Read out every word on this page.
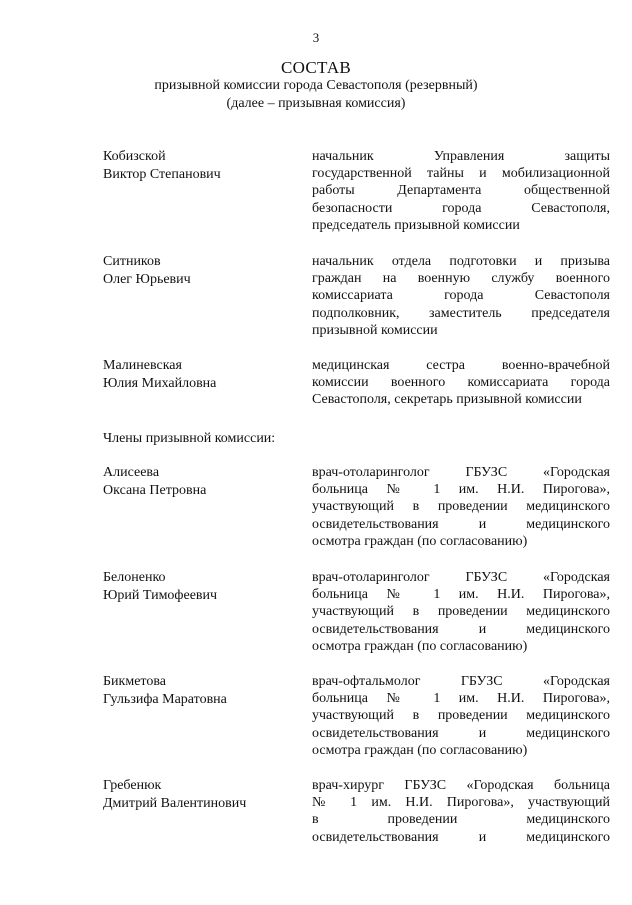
3
СОСТАВ
призывной комиссии города Севастополя (резервный)
(далее – призывная комиссия)
Кобизской
Виктор Степанович
начальник Управления защиты
государственной тайны и мобилизационной
работы Департамента общественной
безопасности города Севастополя,
председатель призывной комиссии
Ситников
Олег Юрьевич
начальник отдела подготовки и призыва
граждан на военную службу военного
комиссариата города Севастополя
подполковник, заместитель председателя
призывной комиссии
Малиневская
Юлия Михайловна
медицинская сестра военно-врачебной
комиссии военного комиссариата города
Севастополя, секретарь призывной комиссии
Члены призывной комиссии:
Алисеева
Оксана Петровна
врач-отоларинголог ГБУЗС «Городская
больница № 1 им. Н.И. Пирогова»,
участвующий в проведении медицинского
освидетельствования и медицинского
осмотра граждан (по согласованию)
Белоненко
Юрий Тимофеевич
врач-отоларинголог ГБУЗС «Городская
больница № 1 им. Н.И. Пирогова»,
участвующий в проведении медицинского
освидетельствования и медицинского
осмотра граждан (по согласованию)
Бикметова
Гульзифа Маратовна
врач-офтальмолог ГБУЗС «Городская
больница № 1 им. Н.И. Пирогова»,
участвующий в проведении медицинского
освидетельствования и медицинского
осмотра граждан (по согласованию)
Гребенюк
Дмитрий Валентинович
врач-хирург ГБУЗС «Городская больница
№ 1 им. Н.И. Пирогова», участвующий
в проведении медицинского
освидетельствования и медицинского
